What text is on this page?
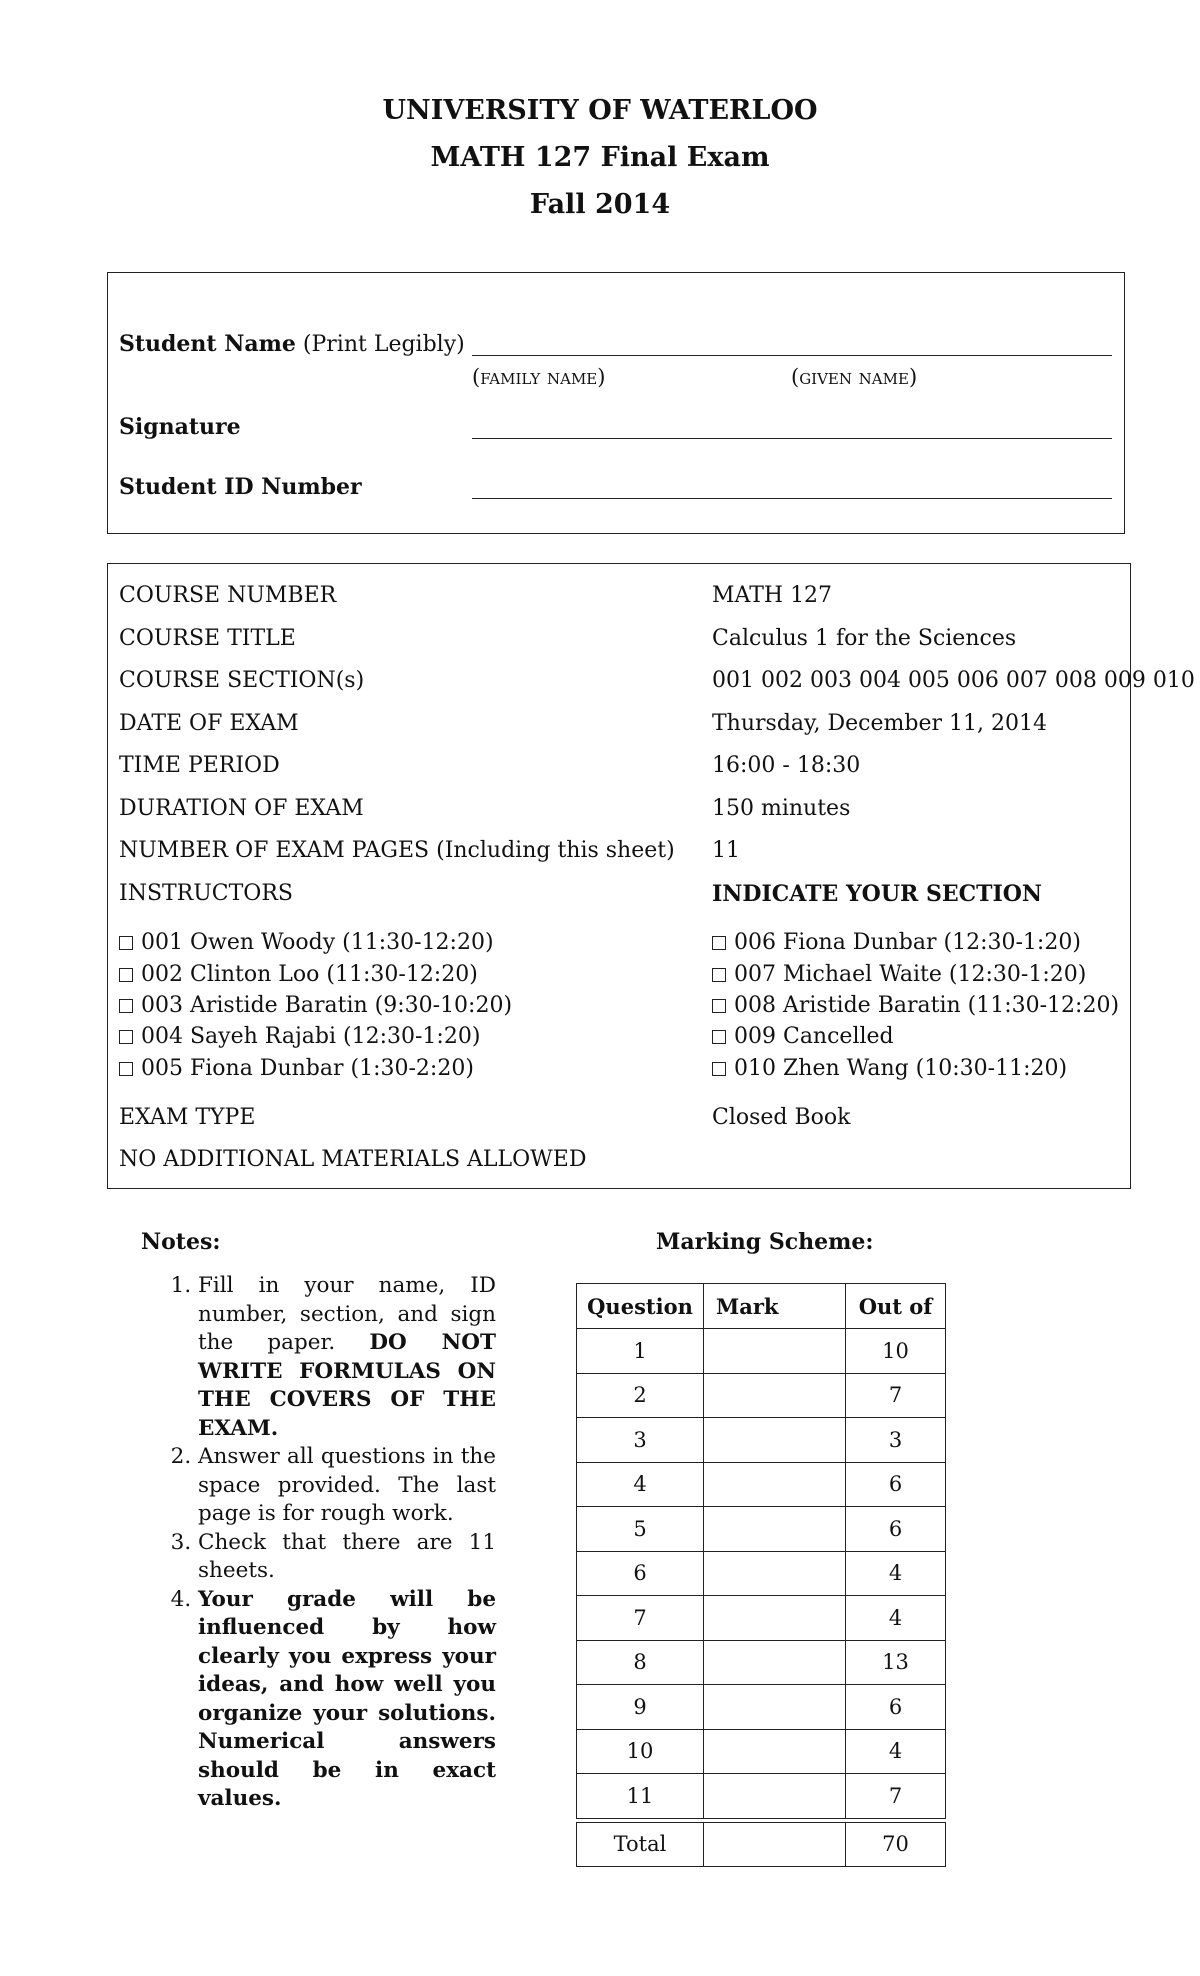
UNIVERSITY OF WATERLOO
MATH 127 Final Exam
Fall 2014
Student Name (Print Legibly)
(family name)	(given name)
Signature
Student ID Number
COURSE NUMBER	MATH 127
COURSE TITLE	Calculus 1 for the Sciences
COURSE SECTION(s)	001 002 003 004 005 006 007 008 009 010
DATE OF EXAM	Thursday, December 11, 2014
TIME PERIOD	16:00 - 18:30
DURATION OF EXAM	150 minutes
NUMBER OF EXAM PAGES (Including this sheet) 11
INSTRUCTORS	INDICATE YOUR SECTION
001 Owen Woody (11:30-12:20)
002 Clinton Loo (11:30-12:20)
003 Aristide Baratin (9:30-10:20)
004 Sayeh Rajabi (12:30-1:20)
005 Fiona Dunbar (1:30-2:20)
006 Fiona Dunbar (12:30-1:20)
007 Michael Waite (12:30-1:20)
008 Aristide Baratin (11:30-12:20)
009 Cancelled
010 Zhen Wang (10:30-11:20)
EXAM TYPE	Closed Book
NO ADDITIONAL MATERIALS ALLOWED
Notes:
1. Fill in your name, ID number, section, and sign the paper. DO NOT WRITE FORMULAS ON THE COVERS OF THE EXAM.
2. Answer all questions in the space provided. The last page is for rough work.
3. Check that there are 11 sheets.
4. Your grade will be influenced by how clearly you express your ideas, and how well you organize your solutions. Numerical answers should be in exact values.
Marking Scheme:
Question	Mark	Out of
1		10
2		7
3		3
4		6
5		6
6		4
7		4
8		13
9		6
10		4
11		7

Total		70
